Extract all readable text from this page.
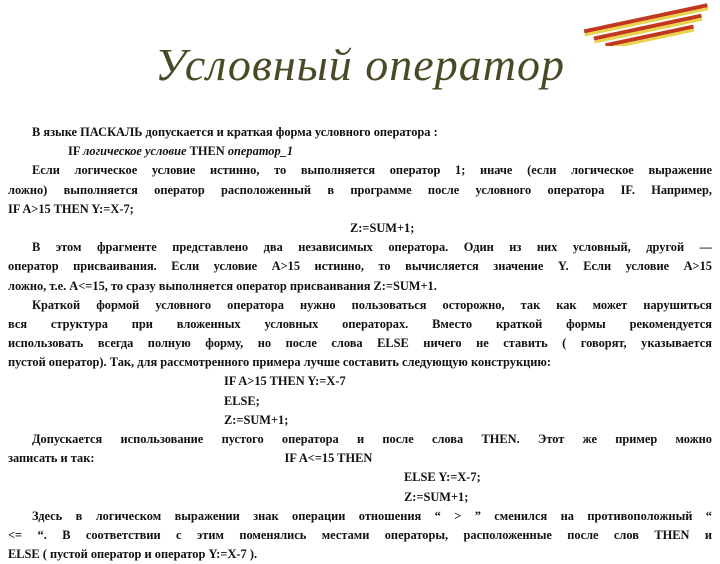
Условный оператор
В языке ПАСКАЛЬ допускается и краткая форма условного оператора :
IF логическое условие THEN оператор_1
Если логическое условие истинно, то выполняется оператор 1; иначе (если логическое выражение
ложно) выполняется оператор расположенный в программе после условного оператора IF. Например,
IF A>15 THEN Y:=X-7;
Z:=SUM+1;
В этом фрагменте представлено два независимых оператора. Один из них условный, другой —
оператор присваивания. Если условие A>15 истинно, то вычисляется значение Y. Если условие A>15
ложно, т.е. A<=15, то сразу выполняется оператор присваивания Z:=SUM+1.
Краткой формой условного оператора нужно пользоваться осторожно, так как может нарушиться
вся структура при вложенных условных операторах. Вместо краткой формы рекомендуется
использовать всегда полную форму, но после слова ELSE ничего не ставить ( говорят, указывается
пустой оператор). Так, для рассмотренного примера лучше составить следующую конструкцию:
IF A>15 THEN Y:=X-7
ELSE;
Z:=SUM+1;
Допускается использование пустого оператора и после слова THEN. Этот же пример можно
записать и так:	IF A<=15 THEN
ELSE Y:=X-7;
Z:=SUM+1;
Здесь в логическом выражении знак операции отношения “ > ” сменился на противоположный “
<= “. В соответствии с этим поменялись местами операторы, расположенные после слов THEN и
ELSE ( пустой оператор и оператор Y:=X-7 ).
